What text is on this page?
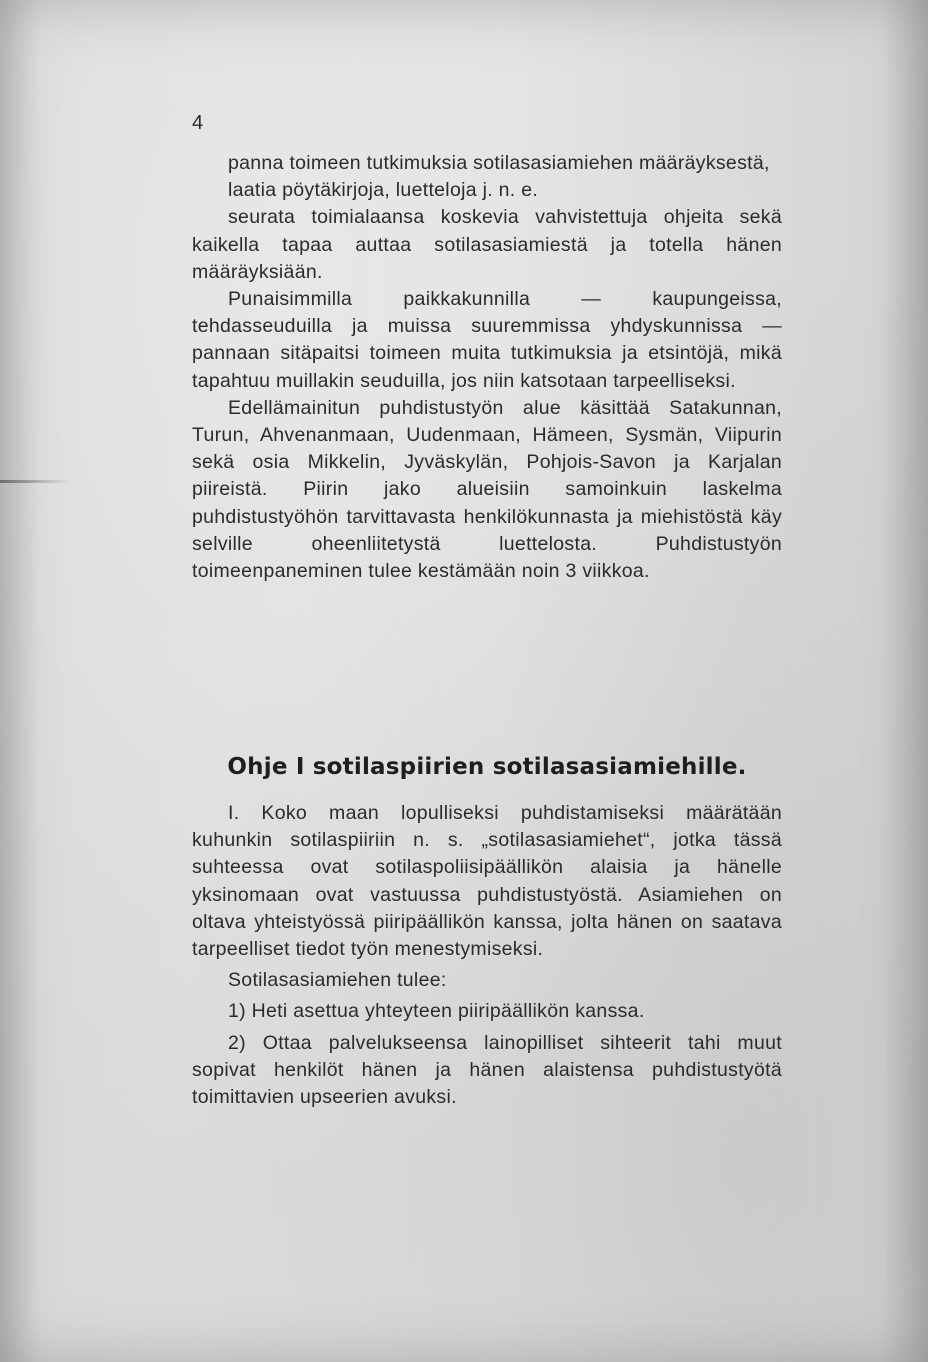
4

panna toimeen tutkimuksia sotilasasiamiehen määräyksestä,

laatia pöytäkirjoja, luetteloja j. n. e.

seurata toimialaansa koskevia vahvistettuja ohjeita sekä kaikella tapaa auttaa sotilasasiamiestä ja totella hänen määräyksiään.

Punaisimmilla paikkakunnilla — kaupungeissa, tehdasseuduilla ja muissa suuremmissa yhdyskunnissa — pannaan sitäpaitsi toimeen muita tutkimuksia ja etsintöjä, mikä tapahtuu muillakin seuduilla, jos niin katsotaan tarpeelliseksi.

Edellämainitun puhdistustyön alue käsittää Satakunnan, Turun, Ahvenanmaan, Uudenmaan, Hämeen, Sysmän, Viipurin sekä osia Mikkelin, Jyväskylän, Pohjois-Savon ja Karjalan piireistä. Piirin jako alueisiin samoinkuin laskelma puhdistustyöhön tarvittavasta henkilökunnasta ja miehistöstä käy selville oheenliitetystä luettelosta. Puhdistustyön toimeenpaneminen tulee kestämään noin 3 viikkoa.

Ohje I sotilaspiirien sotilasasiamiehille.

I. Koko maan lopulliseksi puhdistamiseksi määrätään kuhunkin sotilaspiiriin n. s. „sotilasasiamiehet“, jotka tässä suhteessa ovat sotilaspoliisipäällikön alaisia ja hänelle yksinomaan ovat vastuussa puhdistustyöstä. Asiamiehen on oltava yhteistyössä piiripäällikön kanssa, jolta hänen on saatava tarpeelliset tiedot työn menestymiseksi.

Sotilasasiamiehen tulee:

1) Heti asettua yhteyteen piiripäällikön kanssa.

2) Ottaa palvelukseensa lainopilliset sihteerit tahi muut sopivat henkilöt hänen ja hänen alaistensa puhdistustyötä toimittavien upseerien avuksi.
